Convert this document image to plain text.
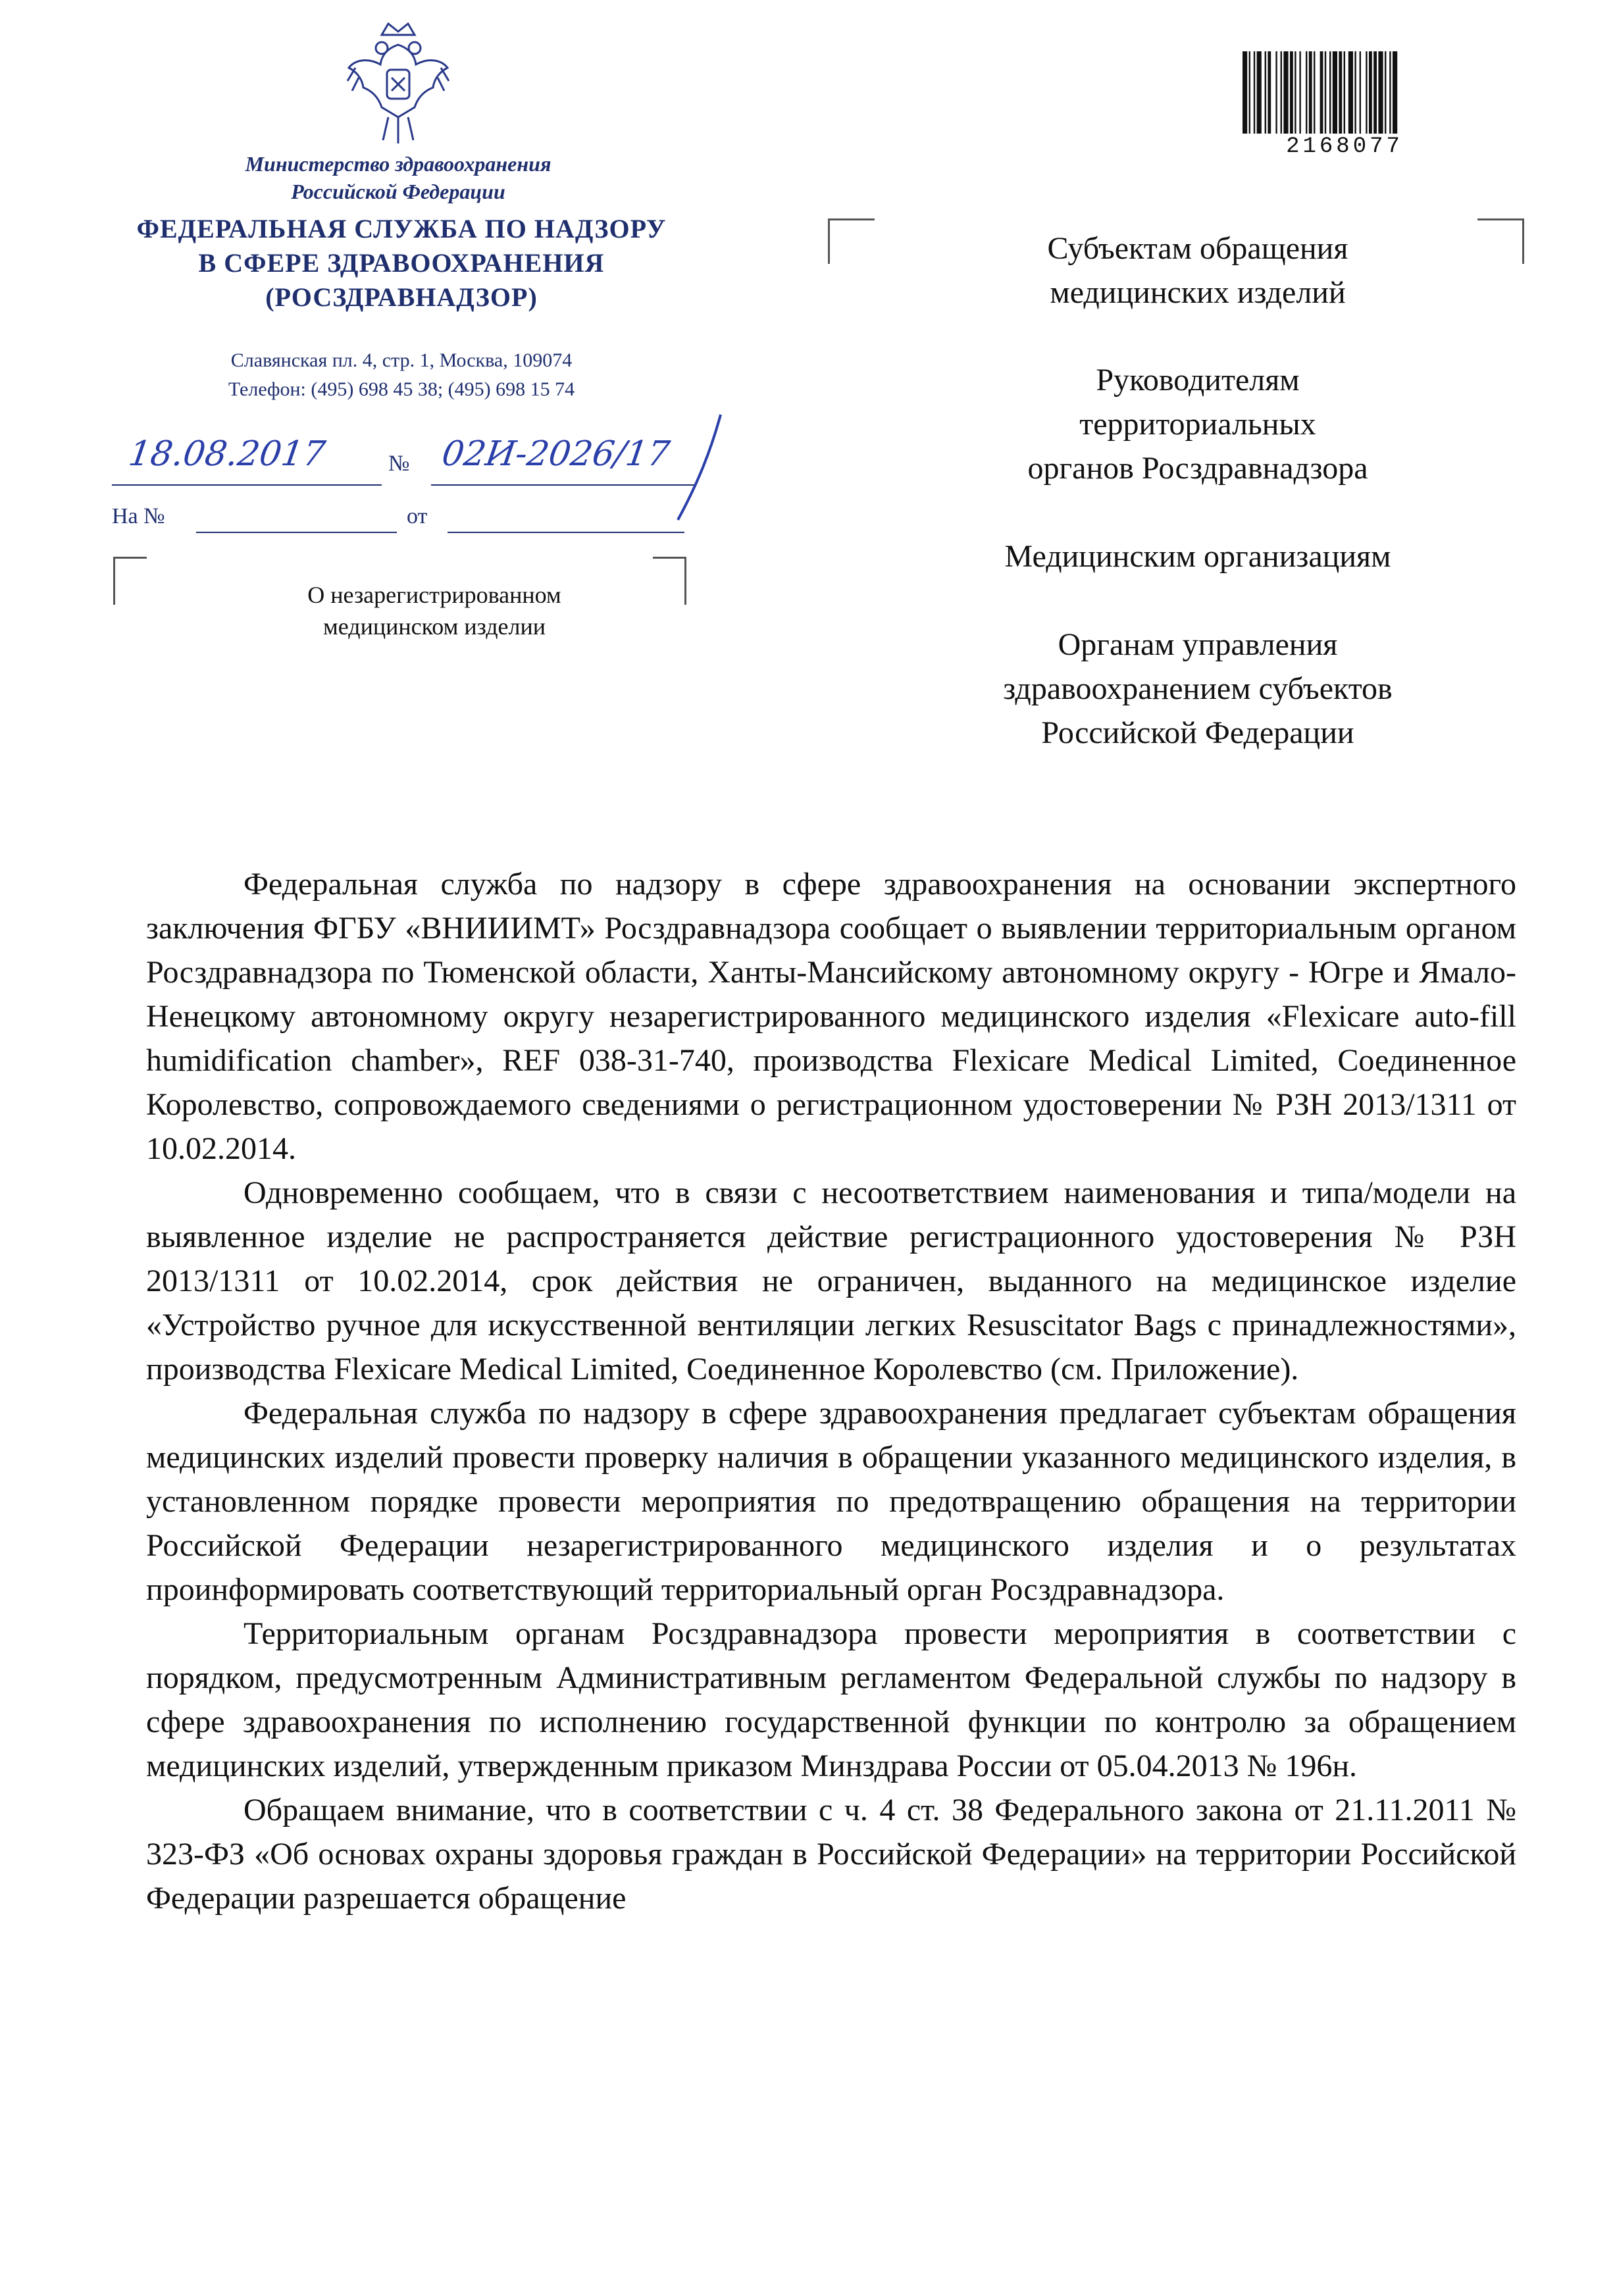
Министерство здравоохранения
Российской Федерации
ФЕДЕРАЛЬНАЯ СЛУЖБА ПО НАДЗОРУ
В СФЕРЕ ЗДРАВООХРАНЕНИЯ
(РОСЗДРАВНАДЗОР)
Славянская пл. 4, стр. 1, Москва, 109074
Телефон: (495) 698 45 38; (495) 698 15 74
18.08.2017	№ 02И-2026/17
На №	от
О незарегистрированном
медицинском изделии
2168077
Субъектам обращения
медицинских изделий
Руководителям
территориальных
органов Росздравнадзора
Медицинским организациям
Органам управления
здравоохранением субъектов
Российской Федерации

Федеральная служба по надзору в сфере здравоохранения на основании экспертного заключения ФГБУ «ВНИИИМТ» Росздравнадзора сообщает о выявлении территориальным органом Росздравнадзора по Тюменской области, Ханты-Мансийскому автономному округу - Югре и Ямало-Ненецкому автономному округу незарегистрированного медицинского изделия «Flexicare auto-fill humidification chamber», REF 038-31-740, производства Flexicare Medical Limited, Соединенное Королевство, сопровождаемого сведениями о регистрационном удостоверении № РЗН 2013/1311 от 10.02.2014.

Одновременно сообщаем, что в связи с несоответствием наименования и типа/модели на выявленное изделие не распространяется действие регистрационного удостоверения № РЗН 2013/1311 от 10.02.2014, срок действия не ограничен, выданного на медицинское изделие «Устройство ручное для искусственной вентиляции легких Resuscitator Bags с принадлежностями», производства Flexicare Medical Limited, Соединенное Королевство (см. Приложение).

Федеральная служба по надзору в сфере здравоохранения предлагает субъектам обращения медицинских изделий провести проверку наличия в обращении указанного медицинского изделия, в установленном порядке провести мероприятия по предотвращению обращения на территории Российской Федерации незарегистрированного медицинского изделия и о результатах проинформировать соответствующий территориальный орган Росздравнадзора.

Территориальным органам Росздравнадзора провести мероприятия в соответствии с порядком, предусмотренным Административным регламентом Федеральной службы по надзору в сфере здравоохранения по исполнению государственной функции по контролю за обращением медицинских изделий, утвержденным приказом Минздрава России от 05.04.2013 № 196н.

Обращаем внимание, что в соответствии с ч. 4 ст. 38 Федерального закона от 21.11.2011 № 323-ФЗ «Об основах охраны здоровья граждан в Российской Федерации» на территории Российской Федерации разрешается обращение
